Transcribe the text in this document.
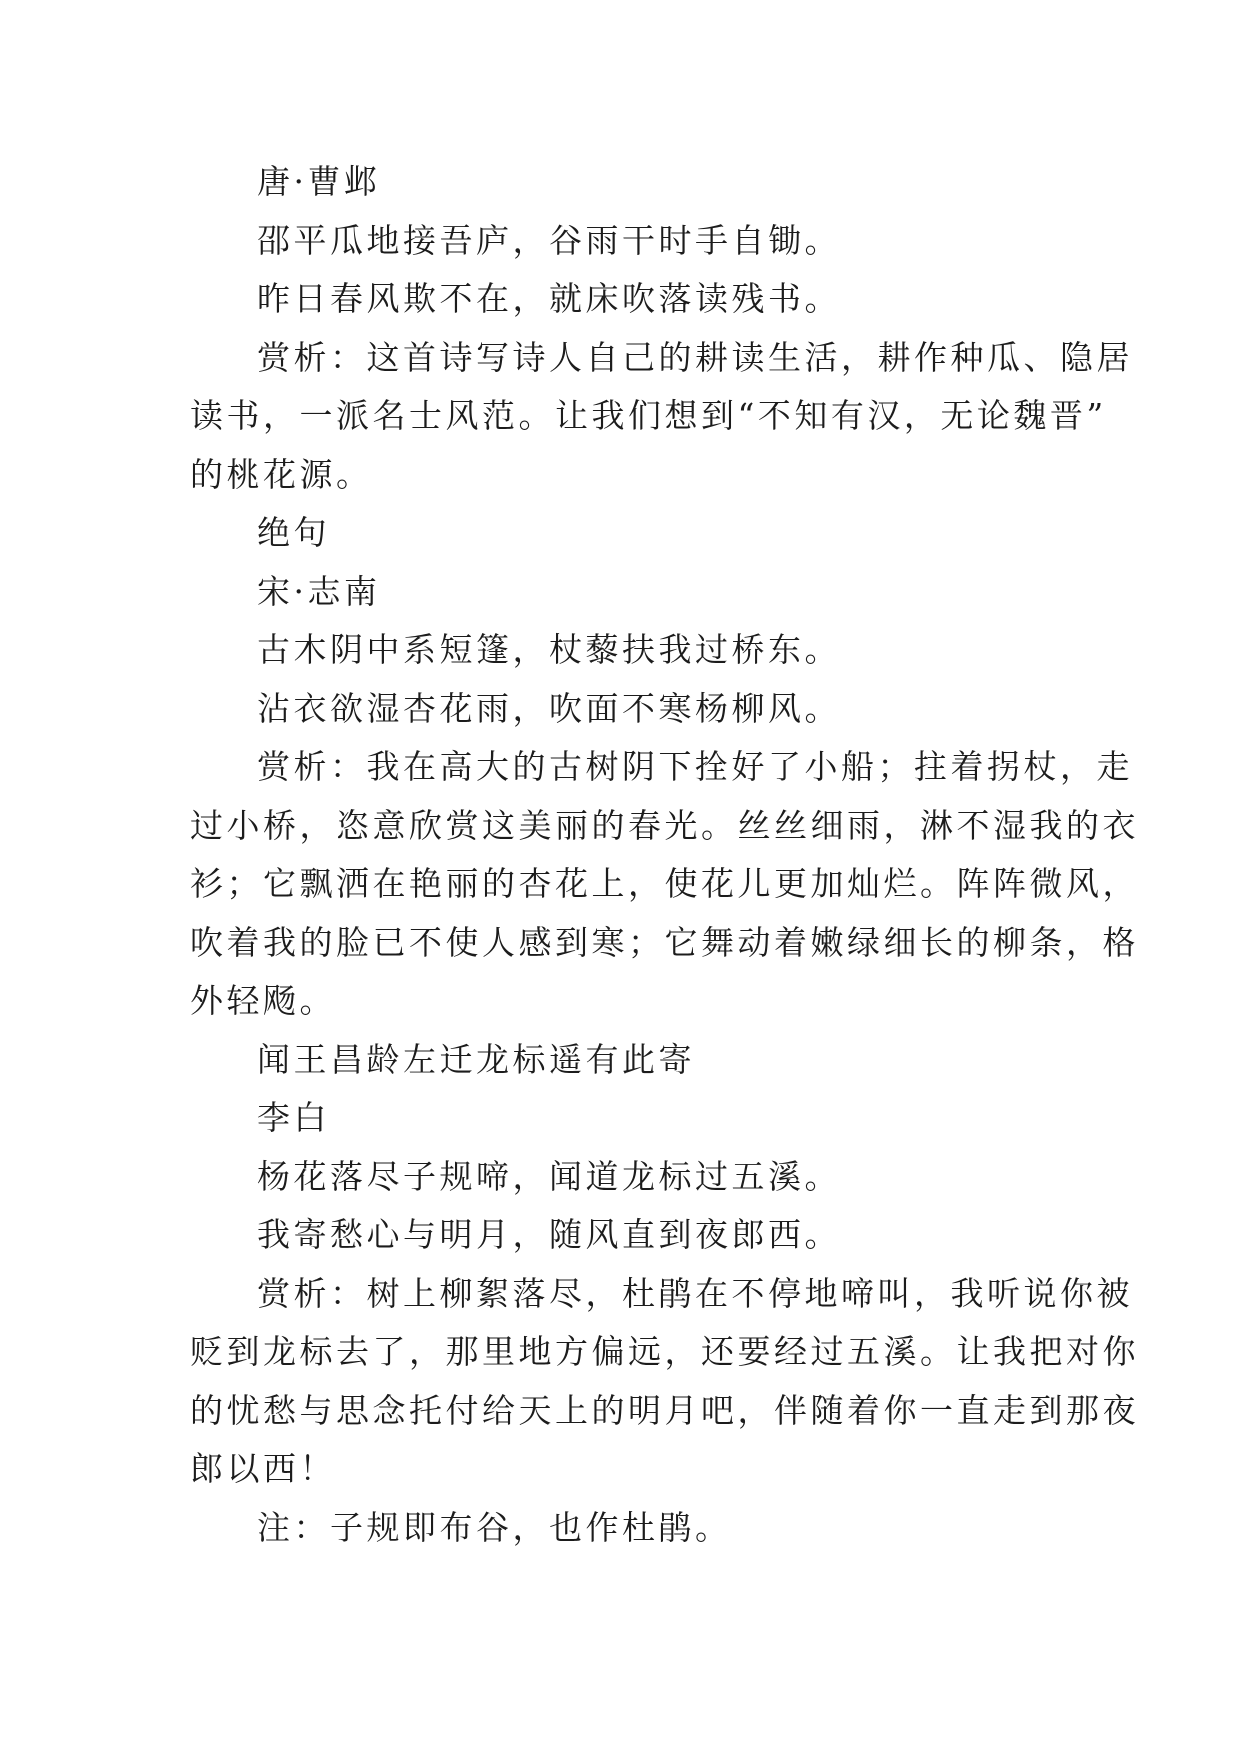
唐·曹邺
邵平瓜地接吾庐，谷雨干时手自锄。
昨日春风欺不在，就床吹落读残书。
赏析：这首诗写诗人自己的耕读生活，耕作种瓜、隐居
读书，一派名士风范。让我们想到“不知有汉，无论魏晋”
的桃花源。
绝句
宋·志南
古木阴中系短篷，杖藜扶我过桥东。
沾衣欲湿杏花雨，吹面不寒杨柳风。
赏析：我在高大的古树阴下拴好了小船；拄着拐杖，走
过小桥，恣意欣赏这美丽的春光。丝丝细雨，淋不湿我的衣
衫；它飘洒在艳丽的杏花上，使花儿更加灿烂。阵阵微风，
吹着我的脸已不使人感到寒；它舞动着嫩绿细长的柳条，格
外轻飏。
闻王昌龄左迁龙标遥有此寄
李白
杨花落尽子规啼，闻道龙标过五溪。
我寄愁心与明月，随风直到夜郎西。
赏析：树上柳絮落尽，杜鹃在不停地啼叫，我听说你被
贬到龙标去了，那里地方偏远，还要经过五溪。让我把对你
的忧愁与思念托付给天上的明月吧，伴随着你一直走到那夜
郎以西！
注：子规即布谷，也作杜鹃。
